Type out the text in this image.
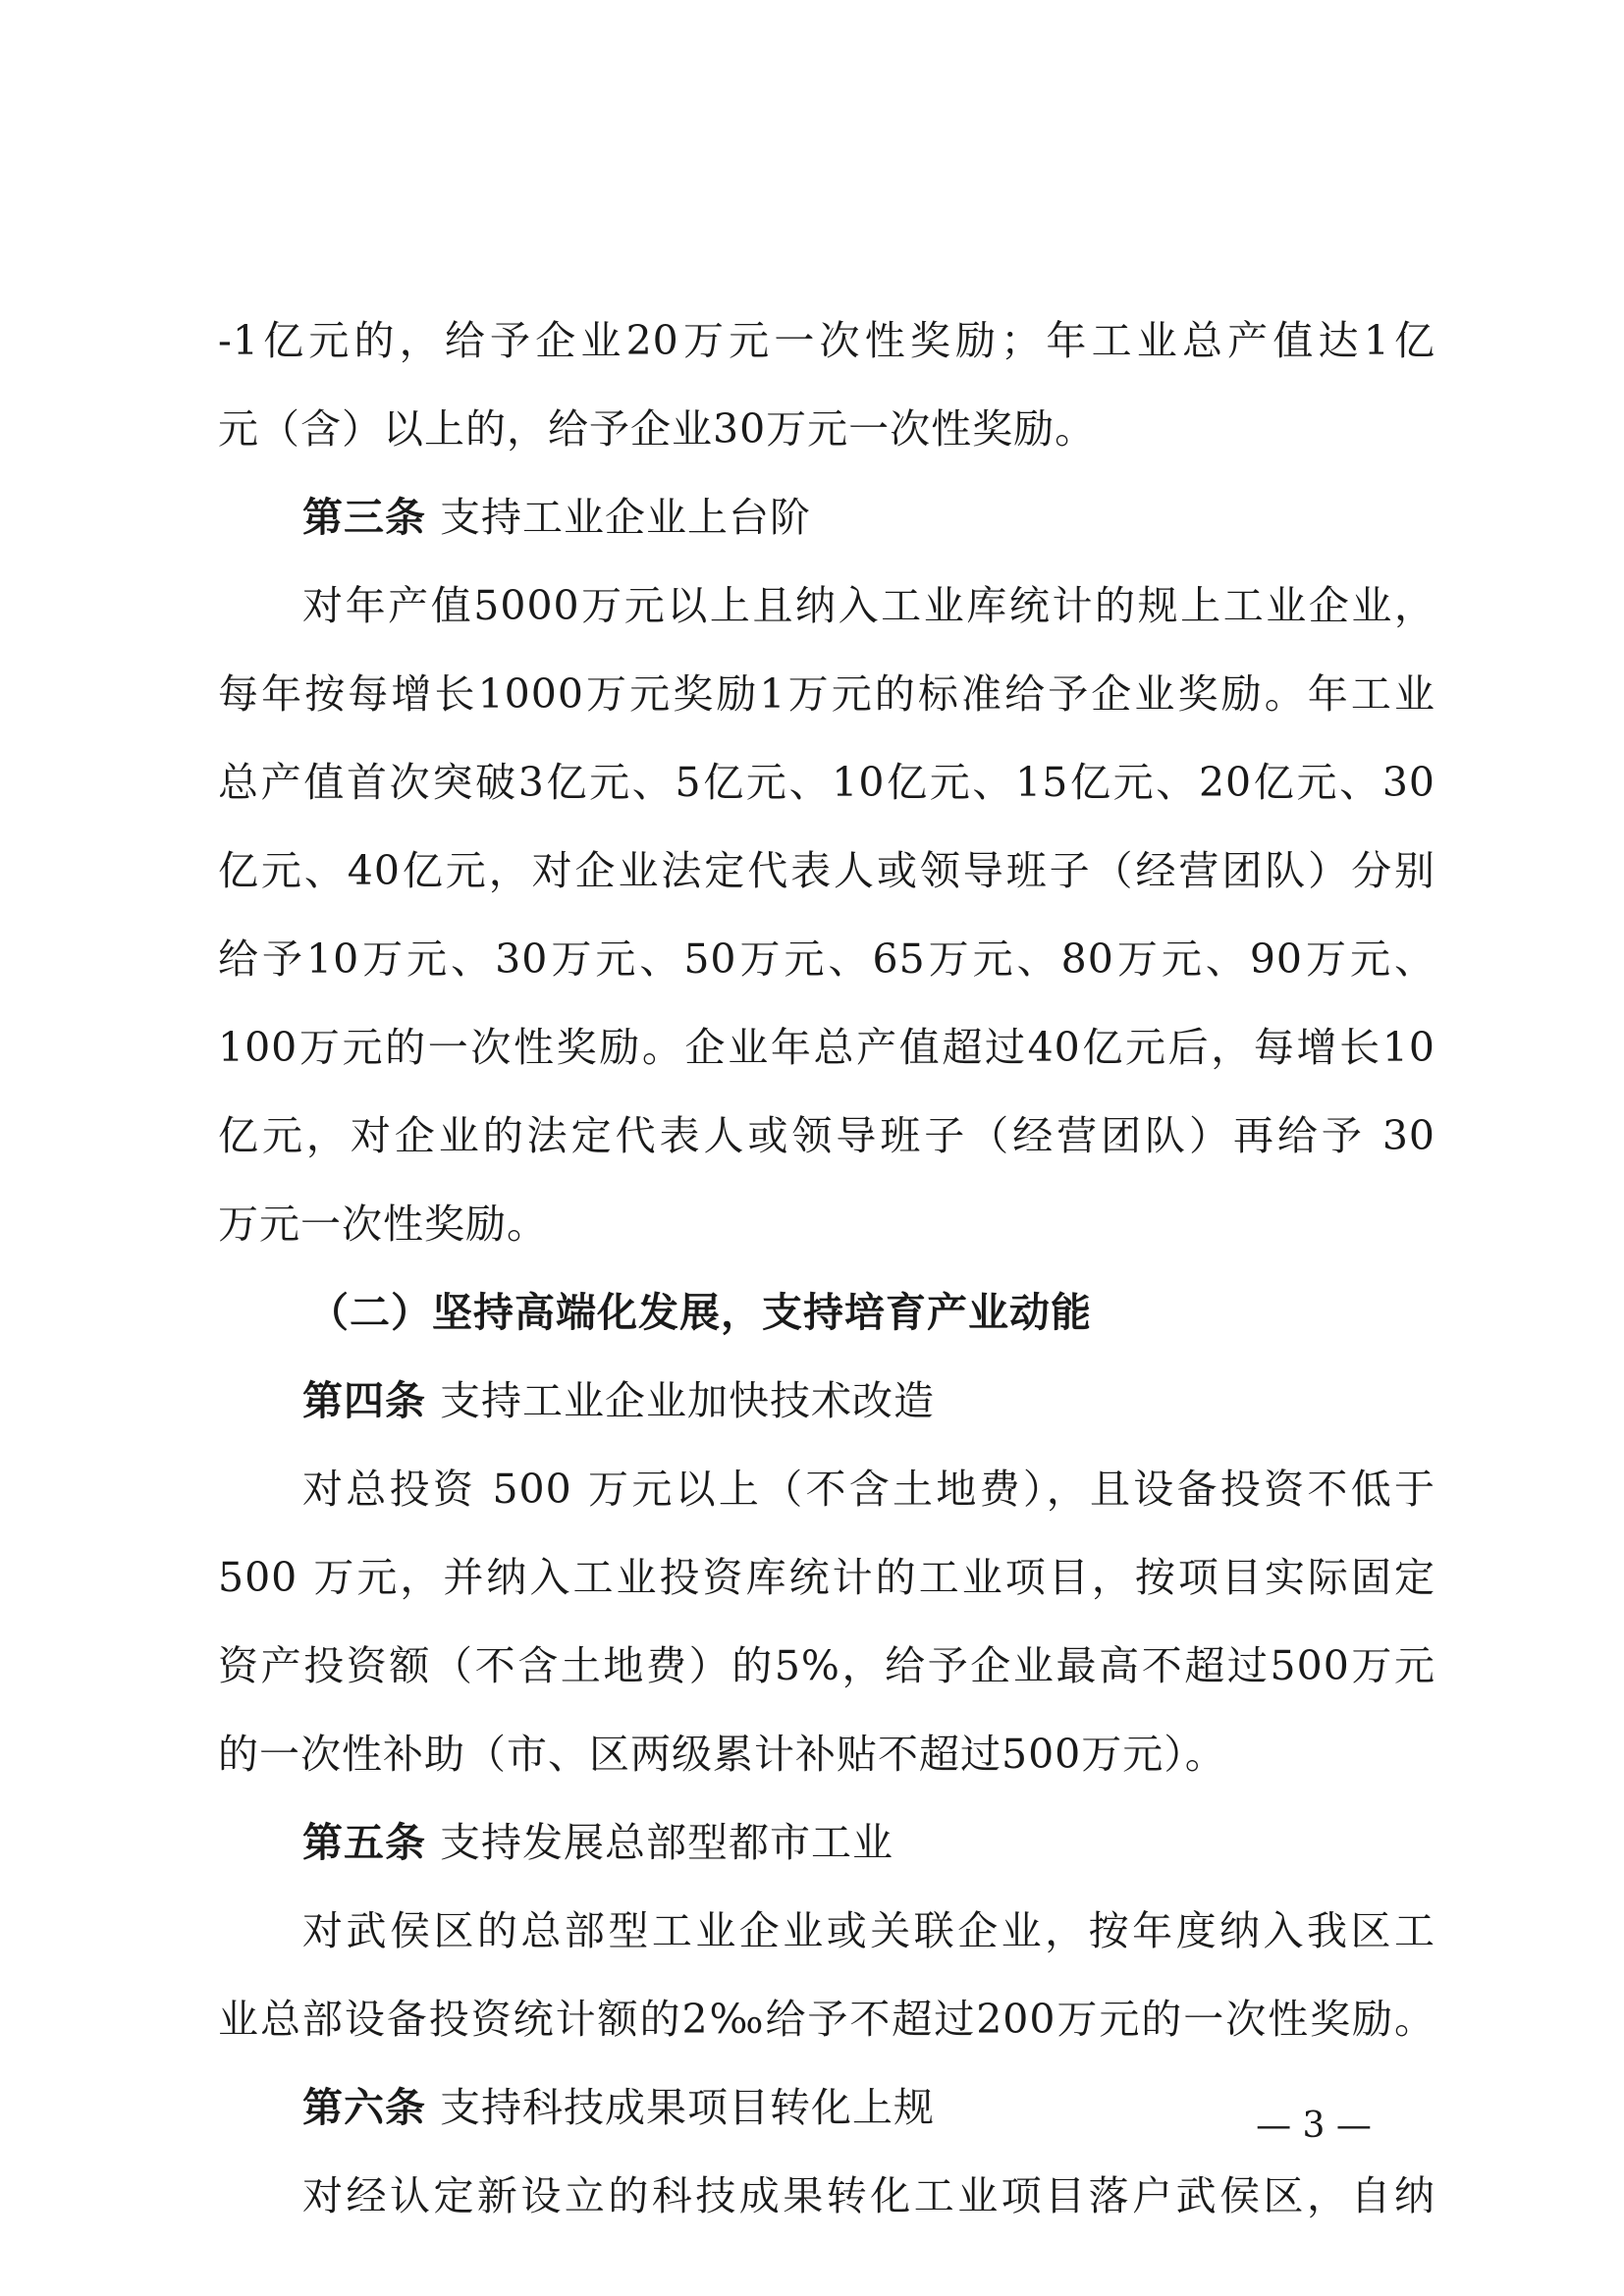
-1亿元的，给予企业20万元一次性奖励；年工业总产值达1亿
元（含）以上的，给予企业30万元一次性奖励。
第三条 支持工业企业上台阶
对年产值5000万元以上且纳入工业库统计的规上工业企业，
每年按每增长1000万元奖励1万元的标准给予企业奖励。年工业
总产值首次突破3亿元、5亿元、10亿元、15亿元、20亿元、30
亿元、40亿元，对企业法定代表人或领导班子（经营团队）分别
给予10万元、30万元、50万元、65万元、80万元、90万元、
100万元的一次性奖励。企业年总产值超过40亿元后，每增长10
亿元，对企业的法定代表人或领导班子（经营团队）再给予 30
万元一次性奖励。
（二）坚持高端化发展，支持培育产业动能
第四条 支持工业企业加快技术改造
对总投资 500 万元以上（不含土地费），且设备投资不低于
500 万元，并纳入工业投资库统计的工业项目，按项目实际固定
资产投资额（不含土地费）的5%，给予企业最高不超过500万元
的一次性补助（市、区两级累计补贴不超过500万元）。
第五条 支持发展总部型都市工业
对武侯区的总部型工业企业或关联企业，按年度纳入我区工
业总部设备投资统计额的2‰给予不超过200万元的一次性奖励。
第六条 支持科技成果项目转化上规
对经认定新设立的科技成果转化工业项目落户武侯区，自纳
— 3 —
